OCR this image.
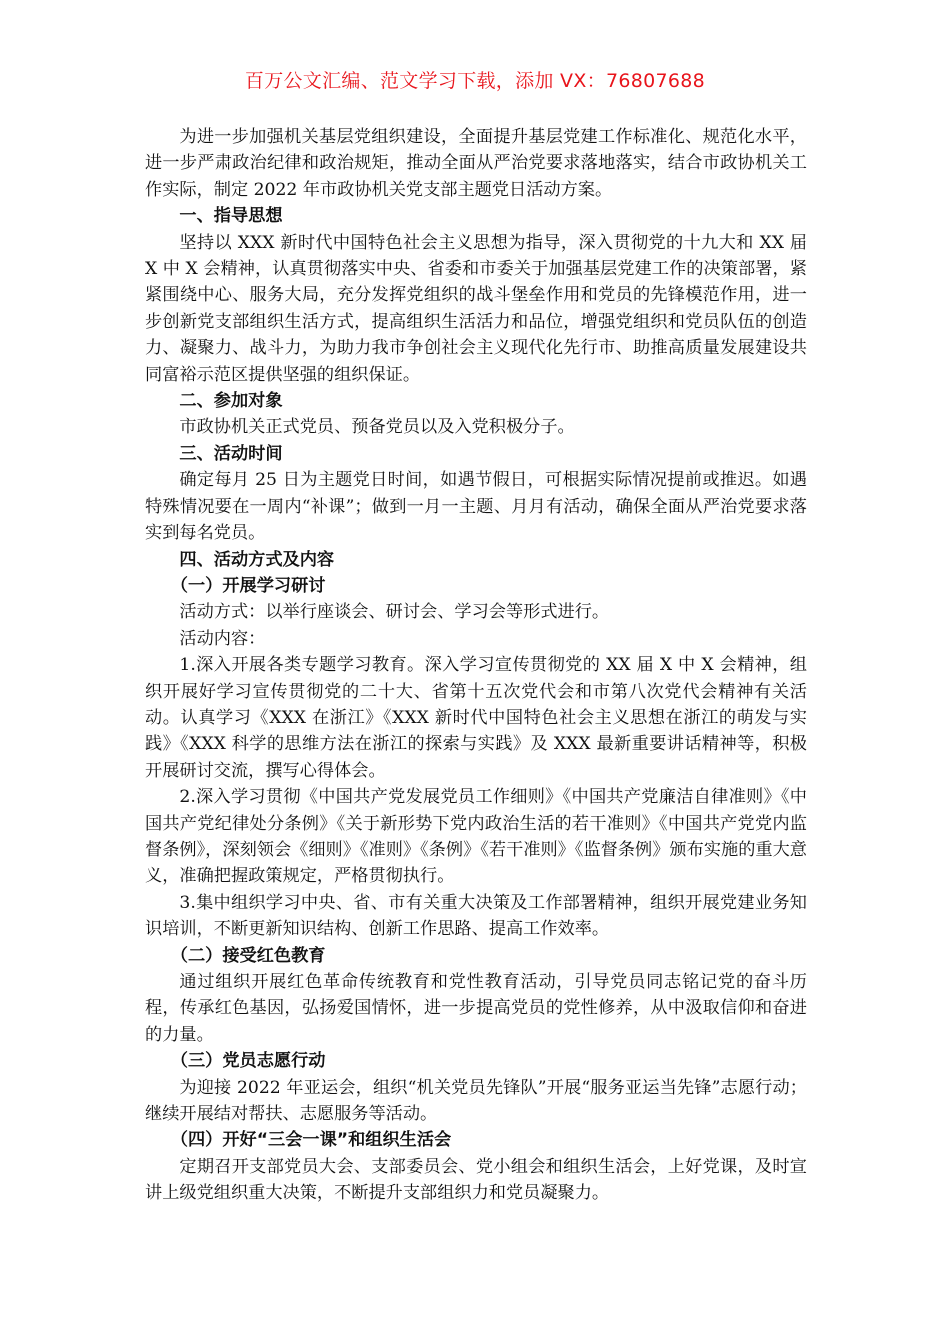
百万公文汇编、范文学习下载，添加 VX：76807688

为进一步加强机关基层党组织建设，全面提升基层党建工作标准化、规范化水平，进一步严肃政治纪律和政治规矩，推动全面从严治党要求落地落实，结合市政协机关工作实际，制定 2022 年市政协机关党支部主题党日活动方案。

一、指导思想

坚持以 XXX 新时代中国特色社会主义思想为指导，深入贯彻党的十九大和 XX 届 X 中 X 会精神，认真贯彻落实中央、省委和市委关于加强基层党建工作的决策部署，紧紧围绕中心、服务大局，充分发挥党组织的战斗堡垒作用和党员的先锋模范作用，进一步创新党支部组织生活方式，提高组织生活活力和品位，增强党组织和党员队伍的创造力、凝聚力、战斗力，为助力我市争创社会主义现代化先行市、助推高质量发展建设共同富裕示范区提供坚强的组织保证。

二、参加对象

市政协机关正式党员、预备党员以及入党积极分子。

三、活动时间

确定每月 25 日为主题党日时间，如遇节假日，可根据实际情况提前或推迟。如遇特殊情况要在一周内“补课”；做到一月一主题、月月有活动，确保全面从严治党要求落实到每名党员。

四、活动方式及内容

（一）开展学习研讨

活动方式：以举行座谈会、研讨会、学习会等形式进行。

活动内容：

1.深入开展各类专题学习教育。深入学习宣传贯彻党的 XX 届 X 中 X 会精神，组织开展好学习宣传贯彻党的二十大、省第十五次党代会和市第八次党代会精神有关活动。认真学习《XXX 在浙江》《XXX 新时代中国特色社会主义思想在浙江的萌发与实践》《XXX 科学的思维方法在浙江的探索与实践》及 XXX 最新重要讲话精神等，积极开展研讨交流，撰写心得体会。

2.深入学习贯彻《中国共产党发展党员工作细则》《中国共产党廉洁自律准则》《中国共产党纪律处分条例》《关于新形势下党内政治生活的若干准则》《中国共产党党内监督条例》，深刻领会《细则》《准则》《条例》《若干准则》《监督条例》颁布实施的重大意义，准确把握政策规定，严格贯彻执行。

3.集中组织学习中央、省、市有关重大决策及工作部署精神，组织开展党建业务知识培训，不断更新知识结构、创新工作思路、提高工作效率。

（二）接受红色教育

通过组织开展红色革命传统教育和党性教育活动，引导党员同志铭记党的奋斗历程，传承红色基因，弘扬爱国情怀，进一步提高党员的党性修养，从中汲取信仰和奋进的力量。

（三）党员志愿行动

为迎接 2022 年亚运会，组织“机关党员先锋队”开展“服务亚运当先锋”志愿行动；继续开展结对帮扶、志愿服务等活动。

（四）开好“三会一课”和组织生活会

定期召开支部党员大会、支部委员会、党小组会和组织生活会，上好党课，及时宣讲上级党组织重大决策，不断提升支部组织力和党员凝聚力。
